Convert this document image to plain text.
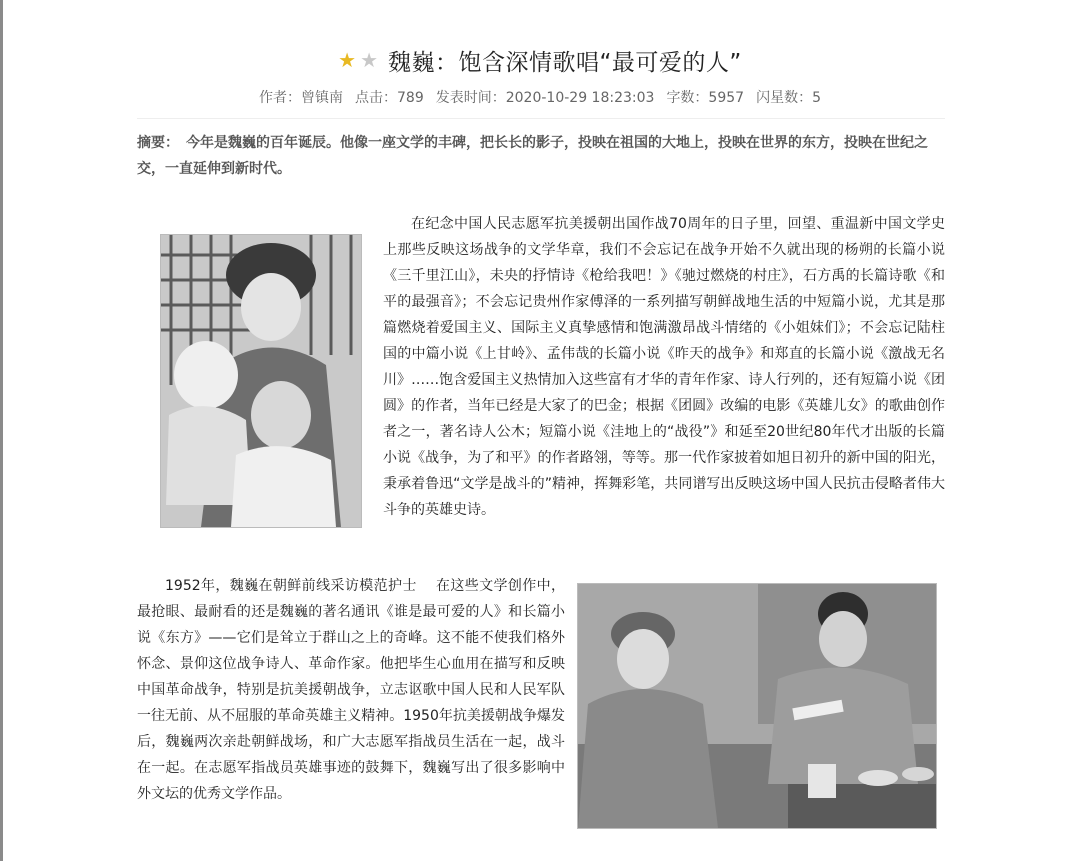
★ ★ 魏巍：饱含深情歌唱“最可爱的人”
作者：曾镇南 点击：789 发表时间：2020-10-29 18:23:03 字数：5957 闪星数：5
摘要：　今年是魏巍的百年诞辰。他像一座文学的丰碑，把长长的影子，投映在祖国的大地上，投映在世界的东方，投映在世纪之交，一直延伸到新时代。
在纪念中国人民志愿军抗美援朝出国作战70周年的日子里，回望、重温新中国文学史上那些反映这场战争的文学华章，我们不会忘记在战争开始不久就出现的杨朔的长篇小说《三千里江山》，未央的抒情诗《枪给我吧！》《驰过燃烧的村庄》，石方禹的长篇诗歌《和平的最强音》；不会忘记贵州作家傅泽的一系列描写朝鲜战地生活的中短篇小说，尤其是那篇燃烧着爱国主义、国际主义真挚感情和饱满激昂战斗情绪的《小姐妹们》；不会忘记陆柱国的中篇小说《上甘岭》、孟伟哉的长篇小说《昨天的战争》和郑直的长篇小说《激战无名川》……饱含爱国主义热情加入这些富有才华的青年作家、诗人行列的，还有短篇小说《团圆》的作者，当年已经是大家了的巴金；根据《团圆》改编的电影《英雄儿女》的歌曲创作者之一，著名诗人公木；短篇小说《洼地上的“战役”》和延至20世纪80年代才出版的长篇小说《战争，为了和平》的作者路翎，等等。那一代作家披着如旭日初升的新中国的阳光，秉承着鲁迅“文学是战斗的”精神，挥舞彩笔，共同谱写出反映这场中国人民抗击侵略者伟大斗争的英雄史诗。
1952年，魏巍在朝鲜前线采访模范护士　 在这些文学创作中，最抢眼、最耐看的还是魏巍的著名通讯《谁是最可爱的人》和长篇小说《东方》——它们是耸立于群山之上的奇峰。这不能不使我们格外怀念、景仰这位战争诗人、革命作家。他把毕生心血用在描写和反映中国革命战争，特别是抗美援朝战争，立志讴歌中国人民和人民军队一往无前、从不屈服的革命英雄主义精神。1950年抗美援朝战争爆发后，魏巍两次亲赴朝鲜战场，和广大志愿军指战员生活在一起，战斗在一起。在志愿军指战员英雄事迹的鼓舞下，魏巍写出了很多影响中外文坛的优秀文学作品。
